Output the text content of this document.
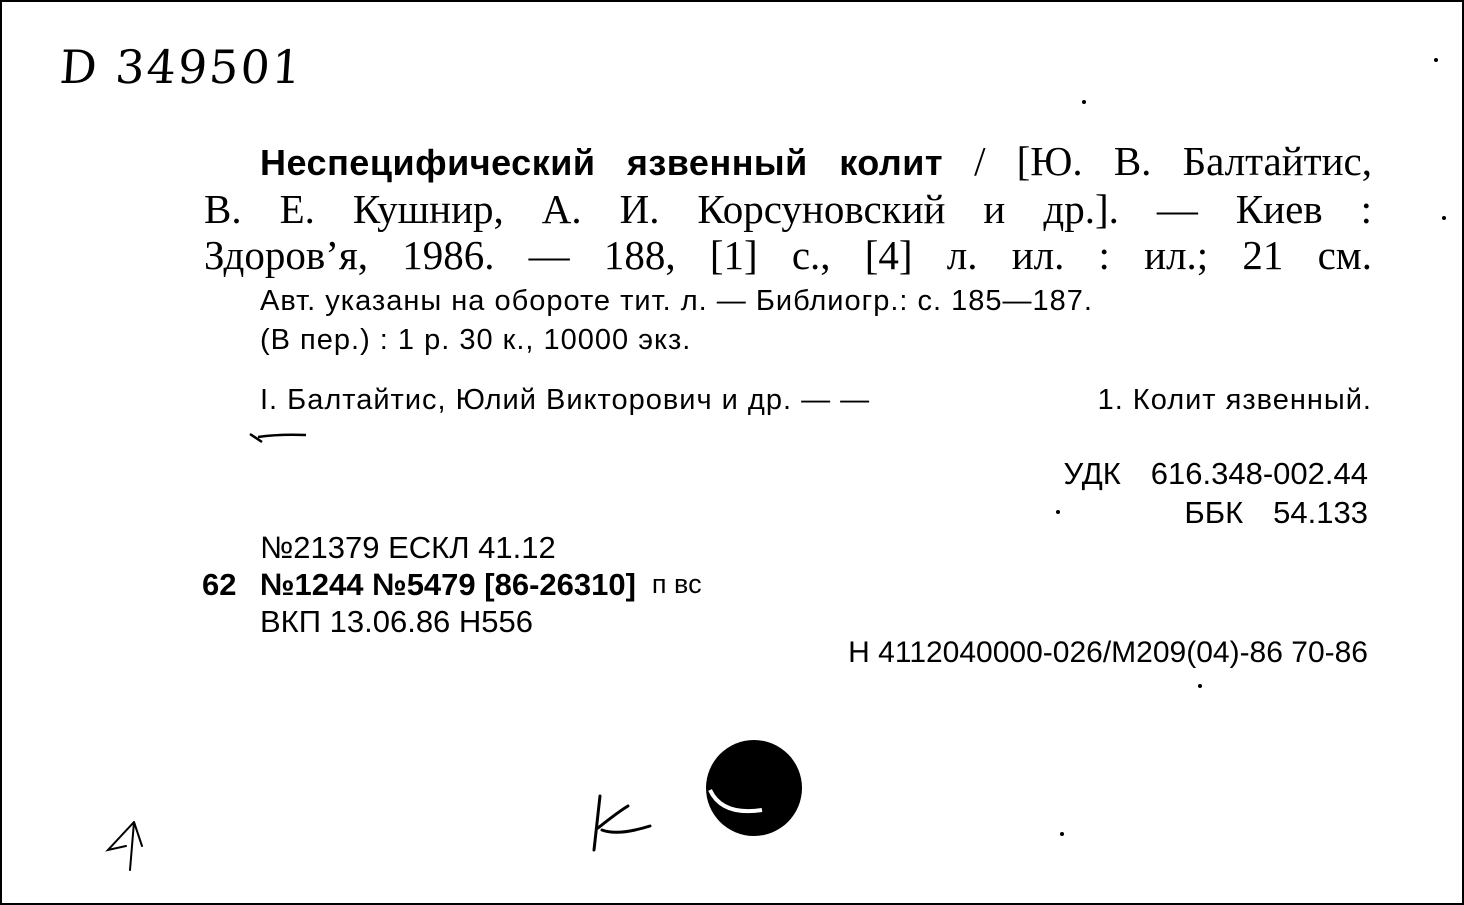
D 349501
Неспецифический язвенный колит / [Ю. В. Балтайтис,
В. Е. Кушнир, А. И. Корсуновский и др.]. — Киев :
Здоров’я, 1986. — 188, [1] с., [4] л. ил. : ил.; 21 см.
Авт. указаны на обороте тит. л. — Библиогр.: с. 185—187.
(В пер.) : 1 р. 30 к., 10000 экз.
I. Балтайтис, Юлий Викторович и др. — —	1. Колит язвенный.
УДК 616.348-002.44
ББК 54.133
№21379 ЕСКЛ 41.12
62 №1244 №5479 [86-26310] п вс
ВКП 13.06.86 Н556
Н 4112040000-026/М209(04)-86 70-86
